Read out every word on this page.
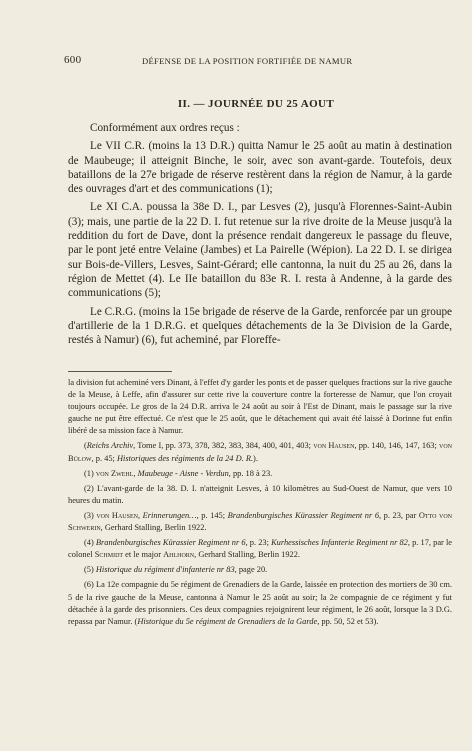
600	DÉFENSE DE LA POSITION FORTIFIÉE DE NAMUR
II. — JOURNÉE DU 25 AOUT

Conformément aux ordres reçus :

Le VII C.R. (moins la 13 D.R.) quitta Namur le 25 août au matin à destination de Maubeuge; il atteignit Binche, le soir, avec son avant-garde. Toutefois, deux bataillons de la 27e brigade de réserve restèrent dans la région de Namur, à la garde des ouvrages d'art et des communications (1);

Le XI C.A. poussa la 38e D. I., par Lesves (2), jusqu'à Florennes-Saint-Aubin (3); mais, une partie de la 22 D. I. fut retenue sur la rive droite de la Meuse jusqu'à la reddition du fort de Dave, dont la présence rendait dangereux le passage du fleuve, par le pont jeté entre Velaine (Jambes) et La Pairelle (Wépion). La 22 D. I. se dirigea sur Bois-de-Villers, Lesves, Saint-Gérard; elle cantonna, la nuit du 25 au 26, dans la région de Mettet (4). Le IIe bataillon du 83e R. I. resta à Andenne, à la garde des communications (5);

Le C.R.G. (moins la 15e brigade de réserve de la Garde, renforcée par un groupe d'artillerie de la 1 D.R.G. et quelques détachements de la 3e Division de la Garde, restés à Namur) (6), fut acheminé, par Floreffe-

la division fut acheminé vers Dinant, à l'effet d'y garder les ponts et de passer quelques fractions sur la rive gauche de la Meuse, à Leffe, afin d'assurer sur cette rive la couverture contre la forteresse de Namur, que l'on croyait toujours occupée. Le gros de la 24 D.R. arriva le 24 août au soir à l'Est de Dinant, mais le passage sur la rive gauche ne put être effectué. Ce n'est que le 25 août, que le détachement qui avait été laissé à Dorinne fut enfin libéré de sa mission face à Namur.

(Reichs Archiv, Tome I, pp. 373, 378, 382, 383, 384, 400, 401, 403; von Hausen, pp. 140, 146, 147, 163; von Bülow, p. 45; Historiques des régiments de la 24 D. R.).

(1) von Zwehl, Maubeuge - Aisne - Verdun, pp. 18 à 23.

(2) L'avant-garde de la 38. D. I. n'atteignit Lesves, à 10 kilomètres au Sud-Ouest de Namur, que vers 10 heures du matin.

(3) von Hausen, Erinnerungen…, p. 145; Brandenburgisches Kürassier Regiment nr 6, p. 23, par Otto von Schwerin, Gerhard Stalling, Berlin 1922.

(4) Brandenburgisches Kürassier Regiment nr 6, p. 23; Kurhessisches Infanterie Regiment nr 82, p. 17, par le colonel Schmidt et le major Ahlhorn, Gerhard Stalling, Berlin 1922.

(5) Historique du régiment d'infanterie nr 83, page 20.

(6) La 12e compagnie du 5e régiment de Grenadiers de la Garde, laissée en protection des mortiers de 30 cm. 5 de la rive gauche de la Meuse, cantonna à Namur le 25 août au soir; la 2e compagnie de ce régiment y fut détachée à la garde des prisonniers. Ces deux compagnies rejoignirent leur régiment, le 26 août, lorsque la 3 D.G. repassa par Namur. (Historique du 5e régiment de Grenadiers de la Garde, pp. 50, 52 et 53).
